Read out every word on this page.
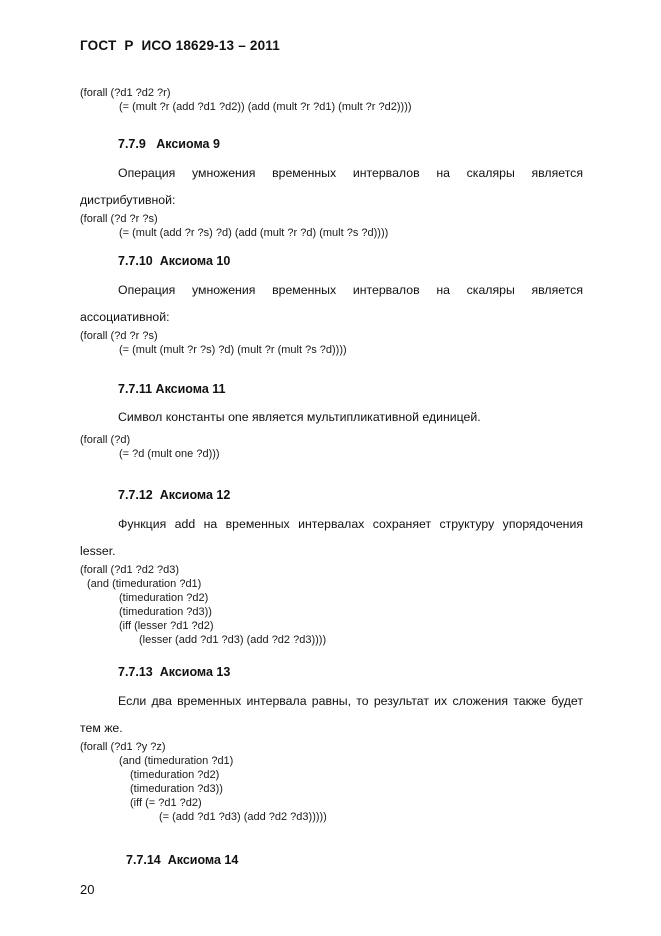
ГОСТ  Р  ИСО 18629-13 – 2011
(forall (?d1 ?d2 ?r)
(= (mult ?r (add ?d1 ?d2)) (add (mult ?r ?d1) (mult ?r ?d2))))
7.7.9   Аксиома 9
Операция умножения временных интервалов на скаляры является дистрибутивной:
(forall (?d ?r ?s)
(= (mult (add ?r ?s) ?d) (add (mult ?r ?d) (mult ?s ?d))))
7.7.10  Аксиома 10
Операция умножения временных интервалов на скаляры является ассоциативной:
(forall (?d ?r ?s)
(= (mult (mult ?r ?s) ?d) (mult ?r (mult ?s ?d))))
7.7.11 Аксиома 11
Символ константы one является мультипликативной единицей.
(forall (?d)
(= ?d (mult one ?d)))
7.7.12  Аксиома 12
Функция add на временных интервалах сохраняет структуру упорядочения lesser.
(forall (?d1 ?d2 ?d3)
(and (timeduration ?d1)
(timeduration ?d2)
(timeduration ?d3))
(iff (lesser ?d1 ?d2)
(lesser (add ?d1 ?d3) (add ?d2 ?d3))))
7.7.13  Аксиома 13
Если два временных интервала равны, то результат их сложения также будет тем же.
(forall (?d1 ?y ?z)
(and (timeduration ?d1)
(timeduration ?d2)
(timeduration ?d3))
(iff (= ?d1 ?d2)
(= (add ?d1 ?d3) (add ?d2 ?d3)))))
7.7.14  Аксиома 14
20
